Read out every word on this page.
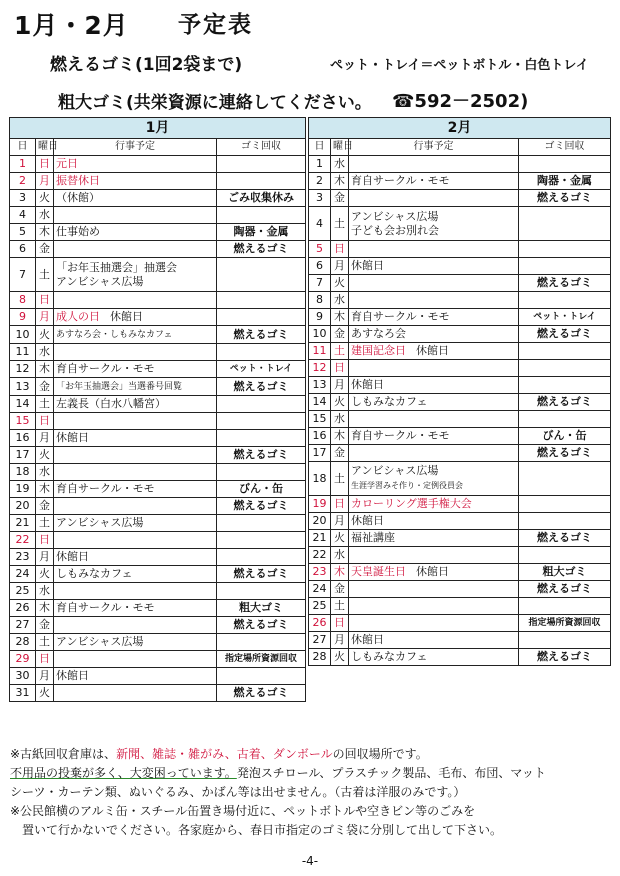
1月・2月 予定表
燃えるゴミ(1回2袋まで)	ペット・トレイ＝ペットボトル・白色トレイ
粗大ゴミ(共栄資源に連絡してください。 ☎592－2502)
1月			
日	曜日	行事予定	ゴミ回収
1	日	元日	
2	月	振替休日	
3	火	（休館）	ごみ収集休み
4	水		
5	木	仕事始め	陶器・金属
6	金		燃えるゴミ
7	土	「お年玉抽選会」抽選会
アンビシャス広場	
8	日		
9	月	成人の日 休館日	
10	火	あすなろ会・しもみなカフェ	燃えるゴミ
11	水		
12	木	育自サークル・モモ	ペット・トレイ
13	金	「お年玉抽選会」当選番号回覧	燃えるゴミ
14	土	左義長（白水八幡宮）	
15	日		
16	月	休館日	
17	火		燃えるゴミ
18	水		
19	木	育自サークル・モモ	びん・缶
20	金		燃えるゴミ
21	土	アンビシャス広場	
22	日		
23	月	休館日	
24	火	しもみなカフェ	燃えるゴミ
25	水		
26	木	育自サークル・モモ	粗大ゴミ
27	金		燃えるゴミ
28	土	アンビシャス広場	
29	日		指定場所資源回収
30	月	休館日	
31	火		燃えるゴミ
2月			
日	曜日	行事予定	ゴミ回収
1	水		
2	木	育自サークル・モモ	陶器・金属
3	金		燃えるゴミ
4	土	アンビシャス広場
子ども会お別れ会	
5	日		
6	月	休館日	
7	火		燃えるゴミ
8	水		
9	木	育自サークル・モモ	ペット・トレイ
10	金	あすなろ会	燃えるゴミ
11	土	建国記念日 休館日	
12	日		
13	月	休館日	
14	火	しもみなカフェ	燃えるゴミ
15	水		
16	木	育自サークル・モモ	びん・缶
17	金		燃えるゴミ
18	土	アンビシャス広場
生涯学習みそ作り・定例役員会	
19	日	カローリング選手権大会	
20	月	休館日	
21	火	福祉講座	燃えるゴミ
22	水		
23	木	天皇誕生日 休館日	粗大ゴミ
24	金		燃えるゴミ
25	土		
26	日		指定場所資源回収
27	月	休館日	
28	火	しもみなカフェ	燃えるゴミ

※古紙回収倉庫は、新聞、雑誌・雑がみ、古着、ダンボールの回収場所です。

不用品の投棄が多く、大変困っています。発泡スチロール、プラスチック製品、毛布、布団、マット

シーツ・カーテン類、ぬいぐるみ、かばん等は出せません。（古着は洋服のみです。）

※公民館横のアルミ缶・スチール缶置き場付近に、ペットボトルや空きビン等のごみを

置いて行かないでください。各家庭から、春日市指定のゴミ袋に分別して出して下さい。

-4-
